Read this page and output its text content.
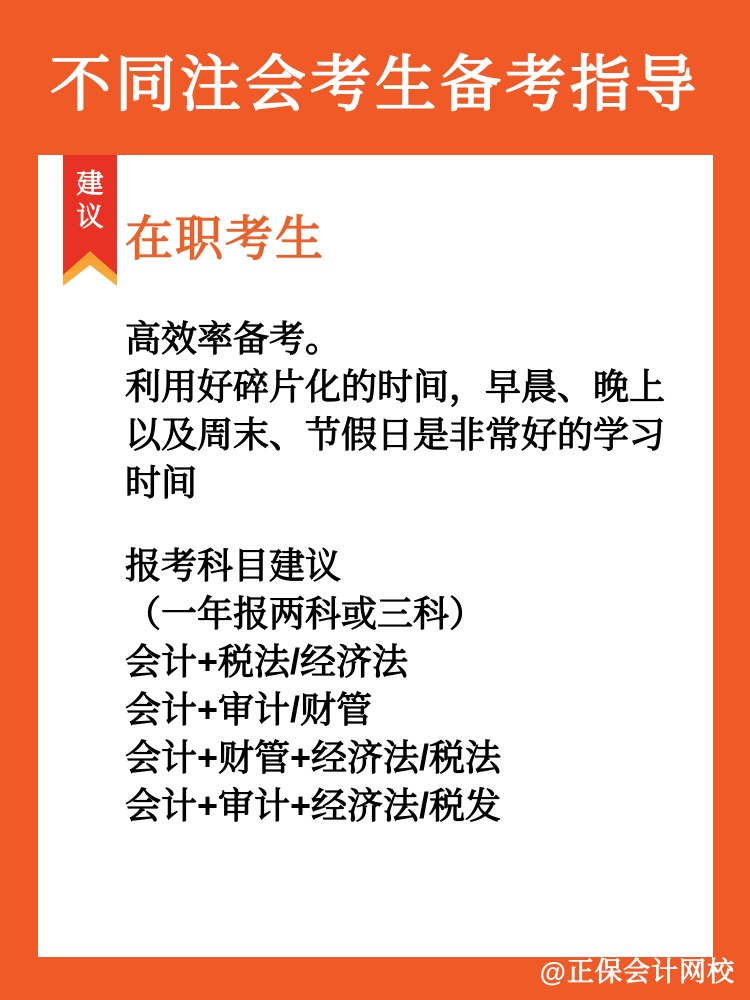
不同注会考生备考指导
建
议 在职考生
高效率备考。
利用好碎片化的时间，早晨、晚上
以及周末、节假日是非常好的学习
时间
报考科目建议
（一年报两科或三科）
会计+税法/经济法
会计+审计/财管
会计+财管+经济法/税法
会计+审计+经济法/税发
@正保会计网校
